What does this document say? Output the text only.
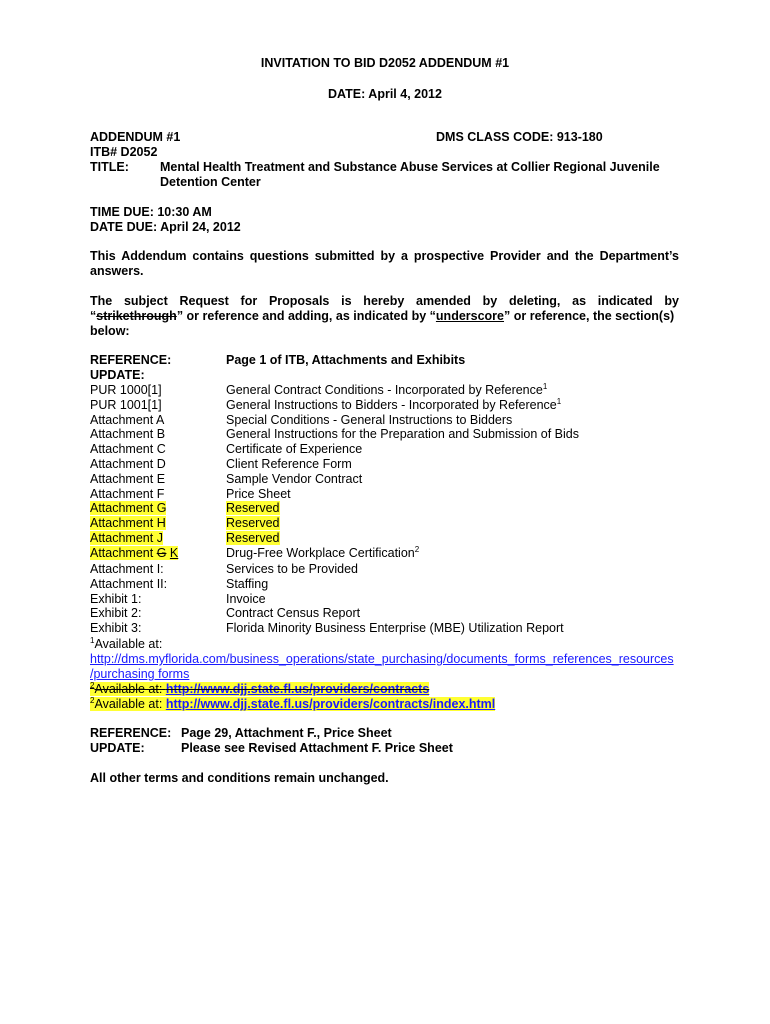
INVITATION TO BID D2052 ADDENDUM #1
DATE: April 4, 2012
ADDENDUM #1	DMS CLASS CODE: 913-180
ITB# D2052
TITLE: Mental Health Treatment and Substance Abuse Services at Collier Regional Juvenile
Detention Center
TIME DUE: 10:30 AM
DATE DUE: April 24, 2012
This Addendum contains questions submitted by a prospective Provider and the Department’s
answers.
The subject Request for Proposals is hereby amended by deleting, as indicated by
“strikethrough” or reference and adding, as indicated by “underscore” or reference, the section(s)
below:
REFERENCE:	Page 1 of ITB, Attachments and Exhibits
UPDATE:
PUR 1000[1]	General Contract Conditions - Incorporated by Reference$^1$
PUR 1001[1]	General Instructions to Bidders - Incorporated by Reference$^1$
Attachment A	Special Conditions - General Instructions to Bidders
Attachment B	General Instructions for the Preparation and Submission of Bids
Attachment C	Certificate of Experience
Attachment D	Client Reference Form
Attachment E	Sample Vendor Contract
Attachment F	Price Sheet
Attachment G	Reserved
Attachment H	Reserved
Attachment J	Reserved
Attachment G K	Drug-Free Workplace Certification$^2$
Attachment I:	Services to be Provided
Attachment II:	Staffing
Exhibit 1:	Invoice
Exhibit 2:	Contract Census Report
Exhibit 3:	Florida Minority Business Enterprise (MBE) Utilization Report
$^1$Available at:
http://dms.myflorida.com/business_operations/state_purchasing/documents_forms_references_resources
/purchasing forms
$^2$Available at: http://www.djj.state.fl.us/providers/contracts
$^2$Available at: http://www.djj.state.fl.us/providers/contracts/index.html
REFERENCE: Page 29, Attachment F., Price Sheet
UPDATE:	Please see Revised Attachment F. Price Sheet
All other terms and conditions remain unchanged.
